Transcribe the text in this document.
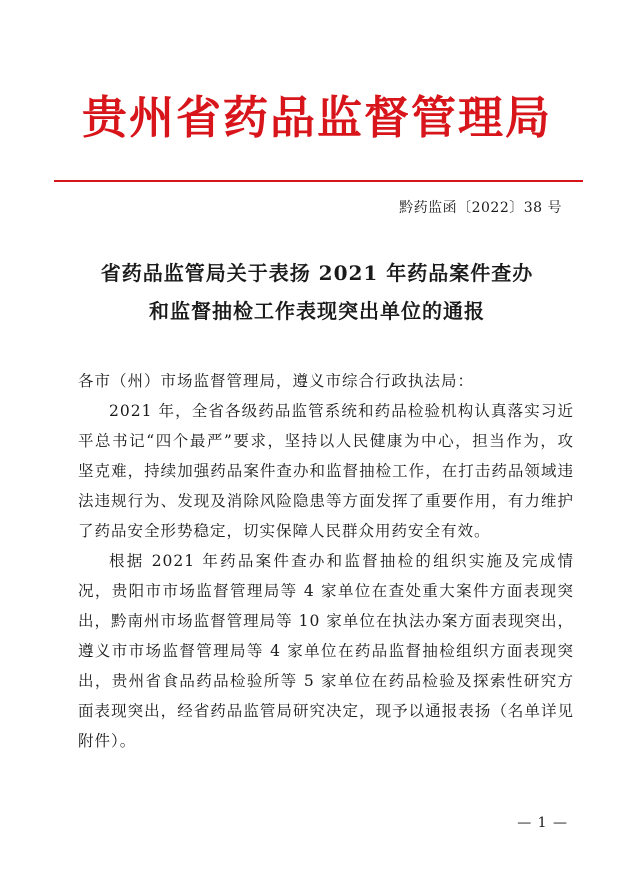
贵州省药品监督管理局
黔药监函〔2022〕38 号
省药品监管局关于表扬 2021 年药品案件查办
和监督抽检工作表现突出单位的通报

各市（州）市场监督管理局，遵义市综合行政执法局：

2021 年，全省各级药品监管系统和药品检验机构认真落实习近平总书记“四个最严”要求，坚持以人民健康为中心，担当作为，攻坚克难，持续加强药品案件查办和监督抽检工作，在打击药品领域违法违规行为、发现及消除风险隐患等方面发挥了重要作用，有力维护了药品安全形势稳定，切实保障人民群众用药安全有效。

根据 2021 年药品案件查办和监督抽检的组织实施及完成情况，贵阳市市场监督管理局等 4 家单位在查处重大案件方面表现突出，黔南州市场监督管理局等 10 家单位在执法办案方面表现突出，遵义市市场监督管理局等 4 家单位在药品监督抽检组织方面表现突出，贵州省食品药品检验所等 5 家单位在药品检验及探索性研究方面表现突出，经省药品监管局研究决定，现予以通报表扬（名单详见附件）。

— 1 —
